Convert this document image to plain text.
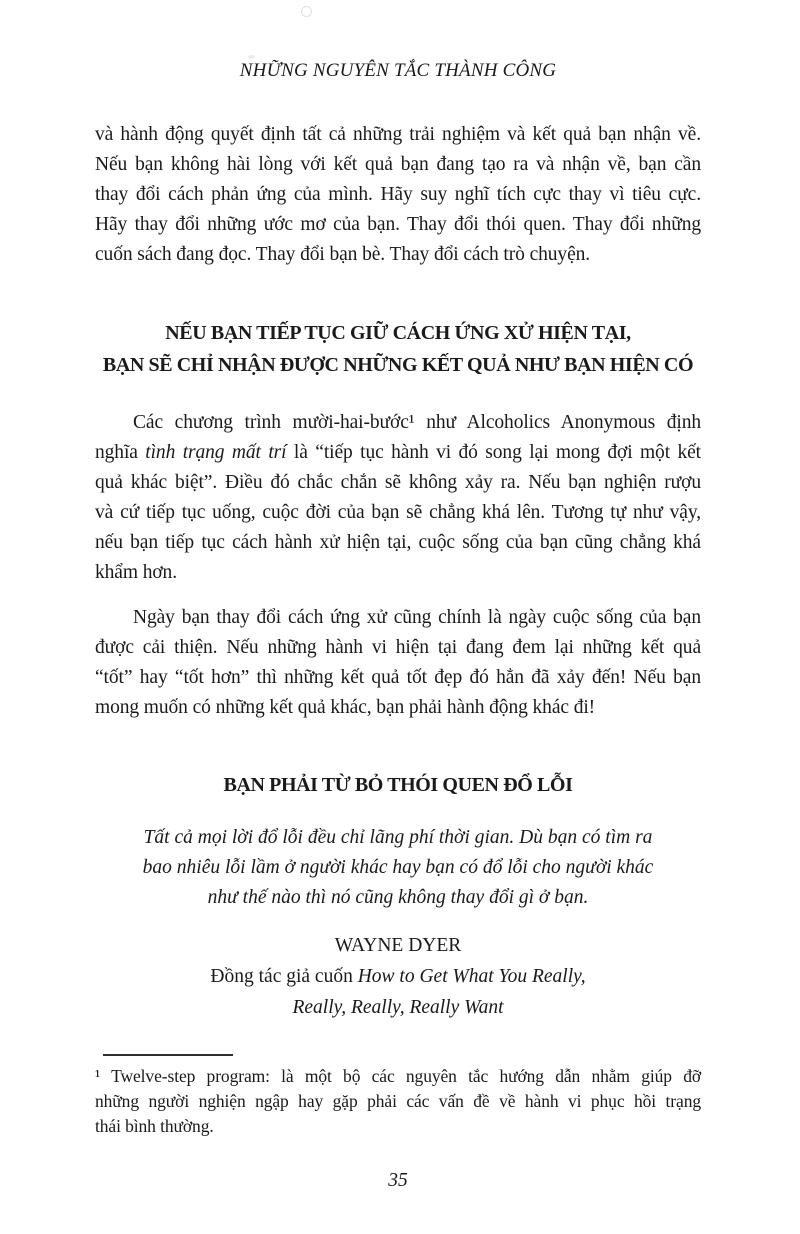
NHỮNG NGUYÊN TẮC THÀNH CÔNG
và hành động quyết định tất cả những trải nghiệm và kết quả bạn nhận về.
Nếu bạn không hài lòng với kết quả bạn đang tạo ra và nhận về, bạn cần
thay đổi cách phản ứng của mình. Hãy suy nghĩ tích cực thay vì tiêu cực.
Hãy thay đổi những ước mơ của bạn. Thay đổi thói quen. Thay đổi những
cuốn sách đang đọc. Thay đổi bạn bè. Thay đổi cách trò chuyện.
NẾU BẠN TIẾP TỤC GIỮ CÁCH ỨNG XỬ HIỆN TẠI,
BẠN SẼ CHỈ NHẬN ĐƯỢC NHỮNG KẾT QUẢ NHƯ BẠN HIỆN CÓ
Các chương trình mười-hai-bước¹ như Alcoholics Anonymous định
nghĩa tình trạng mất trí là “tiếp tục hành vi đó song lại mong đợi một kết
quả khác biệt”. Điều đó chắc chắn sẽ không xảy ra. Nếu bạn nghiện rượu
và cứ tiếp tục uống, cuộc đời của bạn sẽ chẳng khá lên. Tương tự như vậy,
nếu bạn tiếp tục cách hành xử hiện tại, cuộc sống của bạn cũng chẳng khá
khẩm hơn.
Ngày bạn thay đổi cách ứng xử cũng chính là ngày cuộc sống của bạn
được cải thiện. Nếu những hành vi hiện tại đang đem lại những kết quả
“tốt” hay “tốt hơn” thì những kết quả tốt đẹp đó hẳn đã xảy đến! Nếu bạn
mong muốn có những kết quả khác, bạn phải hành động khác đi!
BẠN PHẢI TỪ BỎ THÓI QUEN ĐỔ LỖI
Tất cả mọi lời đổ lỗi đều chỉ lãng phí thời gian. Dù bạn có tìm ra
bao nhiêu lỗi lầm ở người khác hay bạn có đổ lỗi cho người khác
như thế nào thì nó cũng không thay đổi gì ở bạn.
WAYNE DYER
Đồng tác giả cuốn How to Get What You Really,
Really, Really, Really Want
¹ Twelve-step program: là một bộ các nguyên tắc hướng dẫn nhằm giúp đỡ
những người nghiện ngập hay gặp phải các vấn đề về hành vi phục hồi trạng
thái bình thường.
35
